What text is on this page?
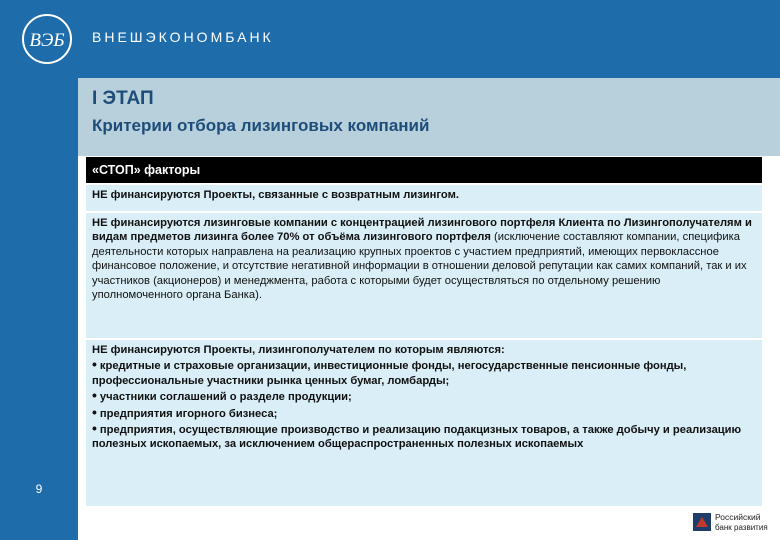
ВЭБ ВНЕШЭКОНОМБАНК
9
I ЭТАП
Критерии отбора лизинговых компаний
«СТОП» факторы
НЕ финансируются Проекты, связанные с возвратным лизингом.
НЕ финансируются лизинговые компании с концентрацией лизингового портфеля Клиента по Лизингополучателям и видам предметов лизинга более 70% от объёма лизингового портфеля (исключение составляют компании, специфика деятельности которых направлена на реализацию крупных проектов с участием предприятий, имеющих первоклассное финансовое положение, и отсутствие негативной информации в отношении деловой репутации как самих компаний, так и их участников (акционеров) и менеджмента, работа с которыми будет осуществляться по отдельному решению уполномоченного органа Банка).
НЕ финансируются Проекты, лизингополучателем по которым являются:
• кредитные и страховые организации, инвестиционные фонды, негосударственные пенсионные фонды, профессиональные участники рынка ценных бумаг, ломбарды;
• участники соглашений о разделе продукции;
• предприятия игорного бизнеса;
• предприятия, осуществляющие производство и реализацию подакцизных товаров, а также добычу и реализацию полезных ископаемых, за исключением общераспространенных полезных ископаемых
Российский
банк развития
